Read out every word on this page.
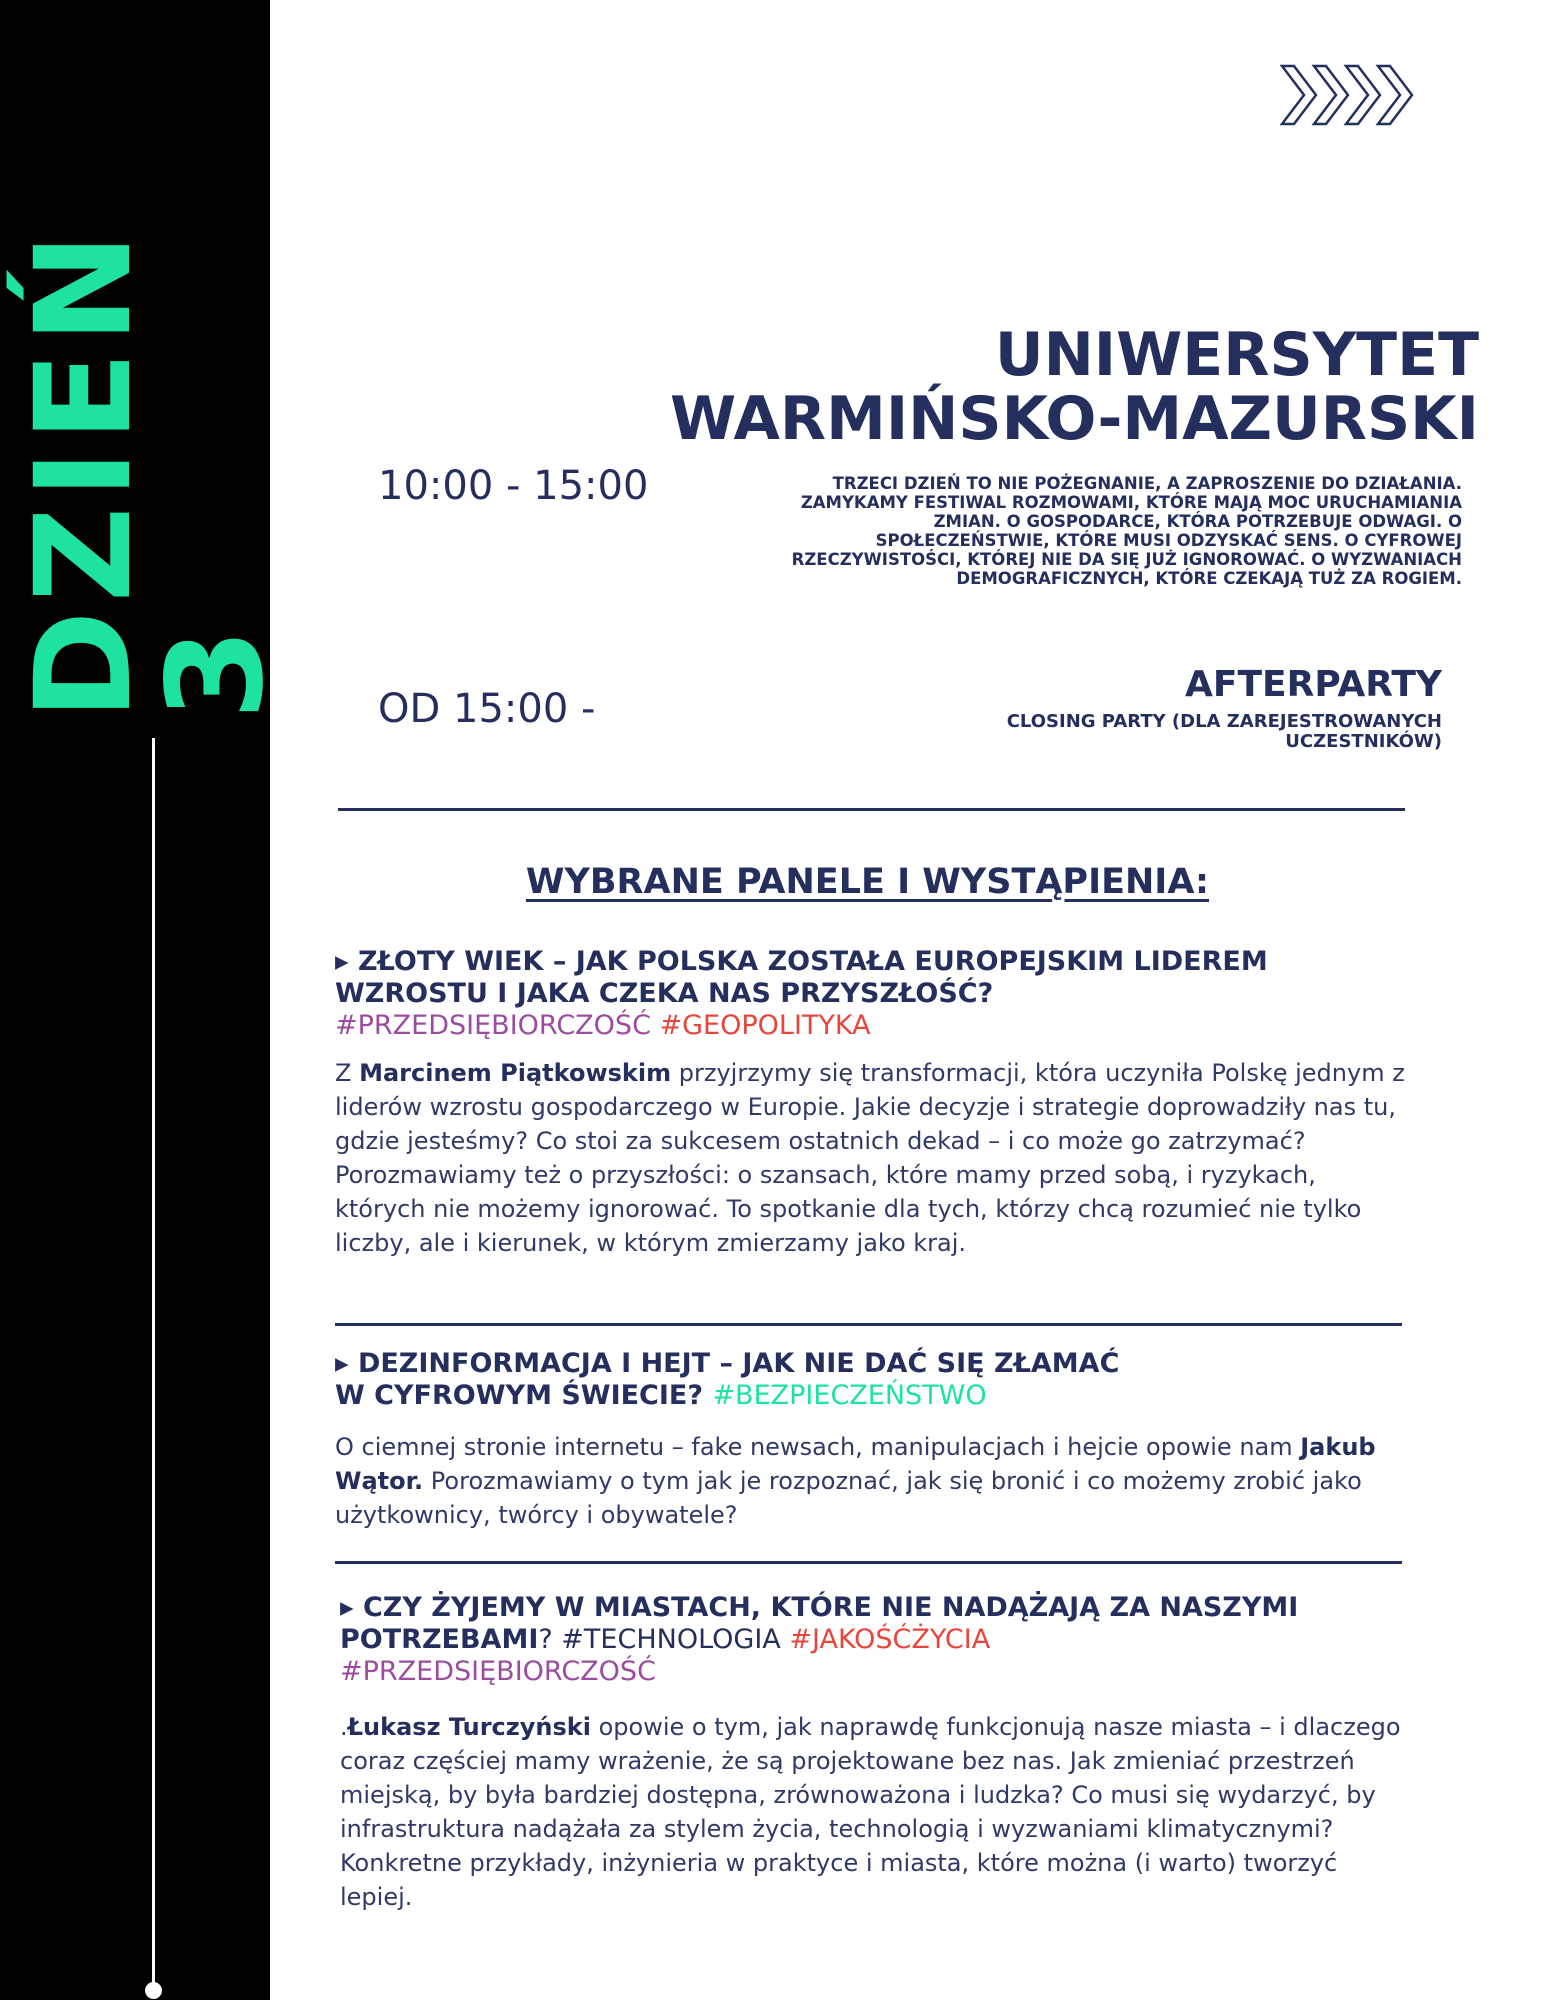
DZIEŃ 3
UNIWERSYTET
WARMIŃSKO-MAZURSKI
10:00 - 15:00	TRZECI DZIEŃ TO NIE POŻEGNANIE, A ZAPROSZENIE DO DZIAŁANIA. ZAMYKAMY FESTIWAL ROZMOWAMI, KTÓRE MAJĄ MOC URUCHAMIANIA ZMIAN. O GOSPODARCE, KTÓRA POTRZEBUJE ODWAGI. O SPOŁECZEŃSTWIE, KTÓRE MUSI ODZYSKAĆ SENS. O CYFROWEJ RZECZYWISTOŚCI, KTÓREJ NIE DA SIĘ JUŻ IGNOROWAĆ. O WYZWANIACH DEMOGRAFICZNYCH, KTÓRE CZEKAJĄ TUŻ ZA ROGIEM.
OD 15:00 -
AFTERPARTY
CLOSING PARTY (DLA ZAREJESTROWANYCH UCZESTNIKÓW)
WYBRANE PANELE I WYSTĄPIENIA:

▸ ZŁOTY WIEK – JAK POLSKA ZOSTAŁA EUROPEJSKIM LIDEREM
WZROSTU I JAKA CZEKA NAS PRZYSZŁOŚĆ?
#PRZEDSIĘBIORCZOŚĆ #GEOPOLITYKA

Z Marcinem Piątkowskim przyjrzymy się transformacji, która uczyniła Polskę jednym z liderów wzrostu gospodarczego w Europie. Jakie decyzje i strategie doprowadziły nas tu, gdzie jesteśmy? Co stoi za sukcesem ostatnich dekad – i co może go zatrzymać? Porozmawiamy też o przyszłości: o szansach, które mamy przed sobą, i ryzykach, których nie możemy ignorować. To spotkanie dla tych, którzy chcą rozumieć nie tylko liczby, ale i kierunek, w którym zmierzamy jako kraj.

▸ DEZINFORMACJA I HEJT – JAK NIE DAĆ SIĘ ZŁAMAĆ
W CYFROWYM ŚWIECIE? #BEZPIECZEŃSTWO

O ciemnej stronie internetu – fake newsach, manipulacjach i hejcie opowie nam Jakub Wątor. Porozmawiamy o tym jak je rozpoznać, jak się bronić i co możemy zrobić jako użytkownicy, twórcy i obywatele?

▸ CZY ŻYJEMY W MIASTACH, KTÓRE NIE NADĄŻAJĄ ZA NASZYMI
POTRZEBAMI? #TECHNOLOGIA #JAKOŚĆŻYCIA
#PRZEDSIĘBIORCZOŚĆ

.Łukasz Turczyński opowie o tym, jak naprawdę funkcjonują nasze miasta – i dlaczego coraz częściej mamy wrażenie, że są projektowane bez nas. Jak zmieniać przestrzeń miejską, by była bardziej dostępna, zrównoważona i ludzka? Co musi się wydarzyć, by infrastruktura nadążała za stylem życia, technologią i wyzwaniami klimatycznymi? Konkretne przykłady, inżynieria w praktyce i miasta, które można (i warto) tworzyć lepiej.
